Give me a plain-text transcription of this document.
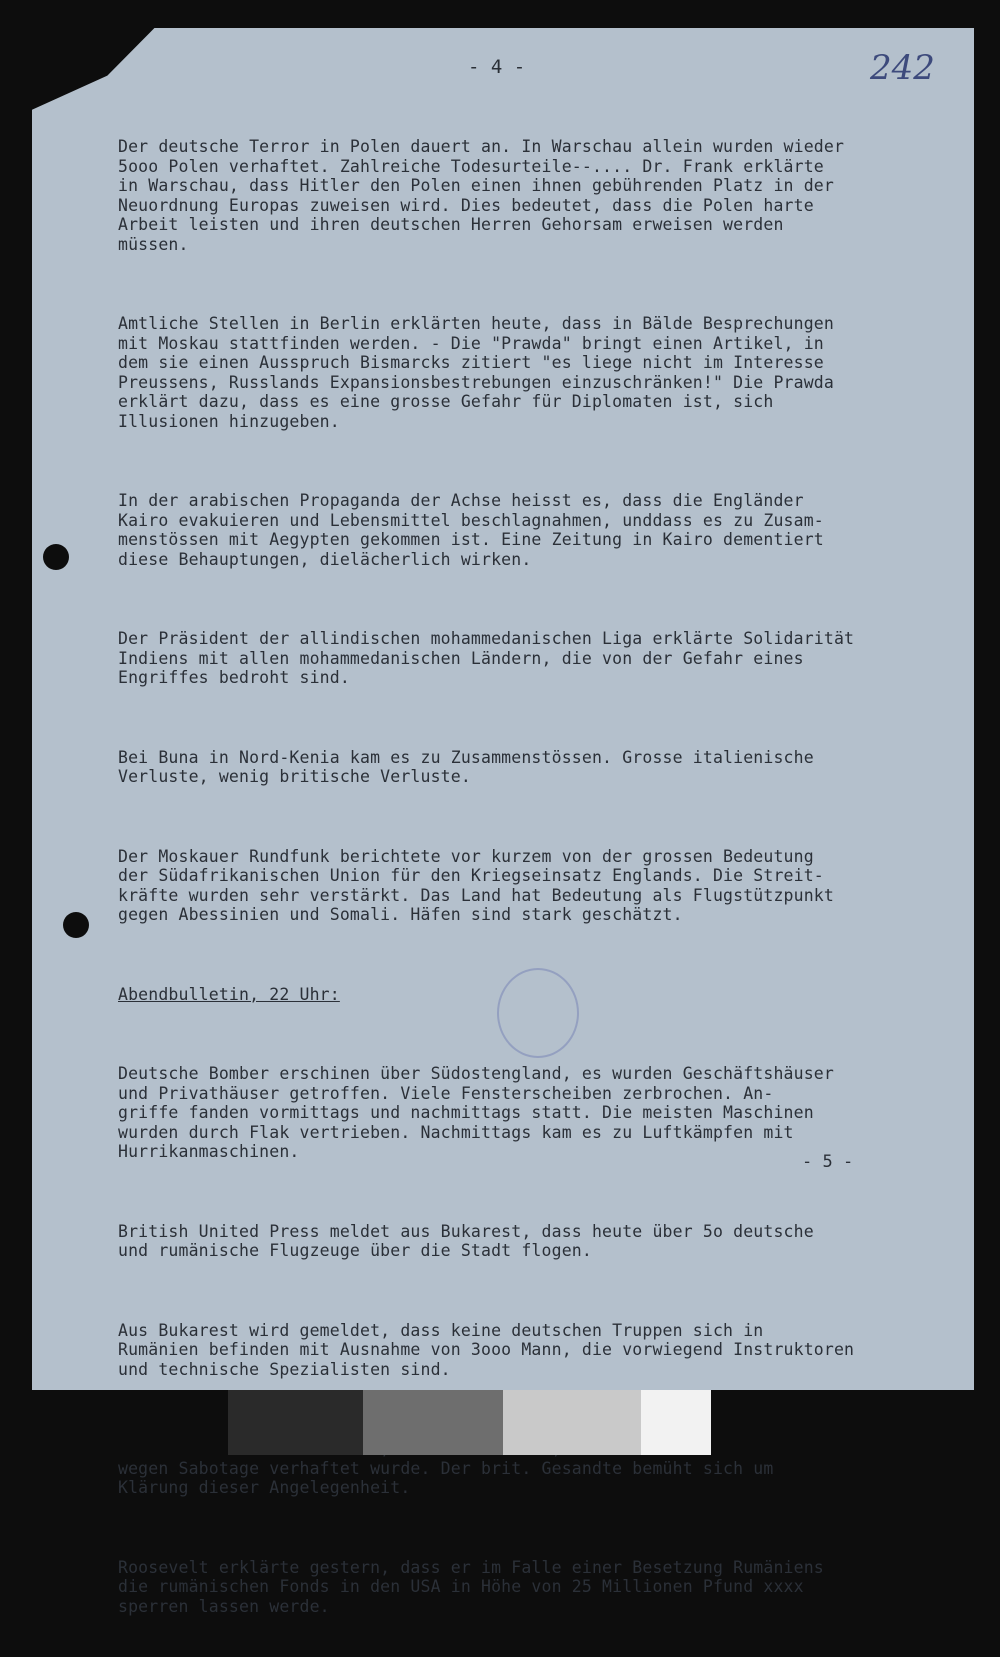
- 4 -	242

Der deutsche Terror in Polen dauert an. In Warschau allein wurden wieder
5ooo Polen verhaftet. Zahlreiche Todesurteile--.... Dr. Frank erklärte
in Warschau, dass Hitler den Polen einen ihnen gebührenden Platz in der
Neuordnung Europas zuweisen wird. Dies bedeutet, dass die Polen harte
Arbeit leisten und ihren deutschen Herren Gehorsam erweisen werden
müssen.

Amtliche Stellen in Berlin erklärten heute, dass in Bälde Besprechungen
mit Moskau stattfinden werden. - Die "Prawda" bringt einen Artikel, in
dem sie einen Ausspruch Bismarcks zitiert "es liege nicht im Interesse
Preussens, Russlands Expansionsbestrebungen einzuschränken!" Die Prawda
erklärt dazu, dass es eine grosse Gefahr für Diplomaten ist, sich
Illusionen hinzugeben.

In der arabischen Propaganda der Achse heisst es, dass die Engländer
Kairo evakuieren und Lebensmittel beschlagnahmen, unddass es zu Zusam-
menstössen mit Aegypten gekommen ist. Eine Zeitung in Kairo dementiert
diese Behauptungen, dielächerlich wirken.

Der Präsident der allindischen mohammedanischen Liga erklärte Solidarität
Indiens mit allen mohammedanischen Ländern, die von der Gefahr eines
Engriffes bedroht sind.

Bei Buna in Nord-Kenia kam es zu Zusammenstössen. Grosse italienische
Verluste, wenig britische Verluste.

Der Moskauer Rundfunk berichtete vor kurzem von der grossen Bedeutung
der Südafrikanischen Union für den Kriegseinsatz Englands. Die Streit-
kräfte wurden sehr verstärkt. Das Land hat Bedeutung als Flugstützpunkt
gegen Abessinien und Somali. Häfen sind stark geschätzt.

Abendbulletin, 22 Uhr:

Deutsche Bomber erschinen über Südostengland, es wurden Geschäftshäuser
und Privathäuser getroffen. Viele Fensterscheiben zerbrochen. An-
griffe fanden vormittags und nachmittags statt. Die meisten Maschinen
wurden durch Flak vertrieben. Nachmittags kam es zu Luftkämpfen mit
Hurrikanmaschinen.

British United Press meldet aus Bukarest, dass heute über 5o deutsche
und rumänische Flugzeuge über die Stadt flogen.

Aus Bukarest wird gemeldet, dass keine deutschen Truppen sich in
Rumänien befinden mit Ausnahme von 3ooo Mann, die vorwiegend Instruktoren
und technische Spezialisten sind.

wegen Sabotage verhaftet wurde. Der brit. Gesandte bemüht sich um
Klärung dieser Angelegenheit.

Roosevelt erklärte gestern, dass er im Falle einer Besetzung Rumäniens
die rumänischen Fonds in den USA in Höhe von 25 Millionen Pfund xxxx
sperren lassen werde.

- 5 -
